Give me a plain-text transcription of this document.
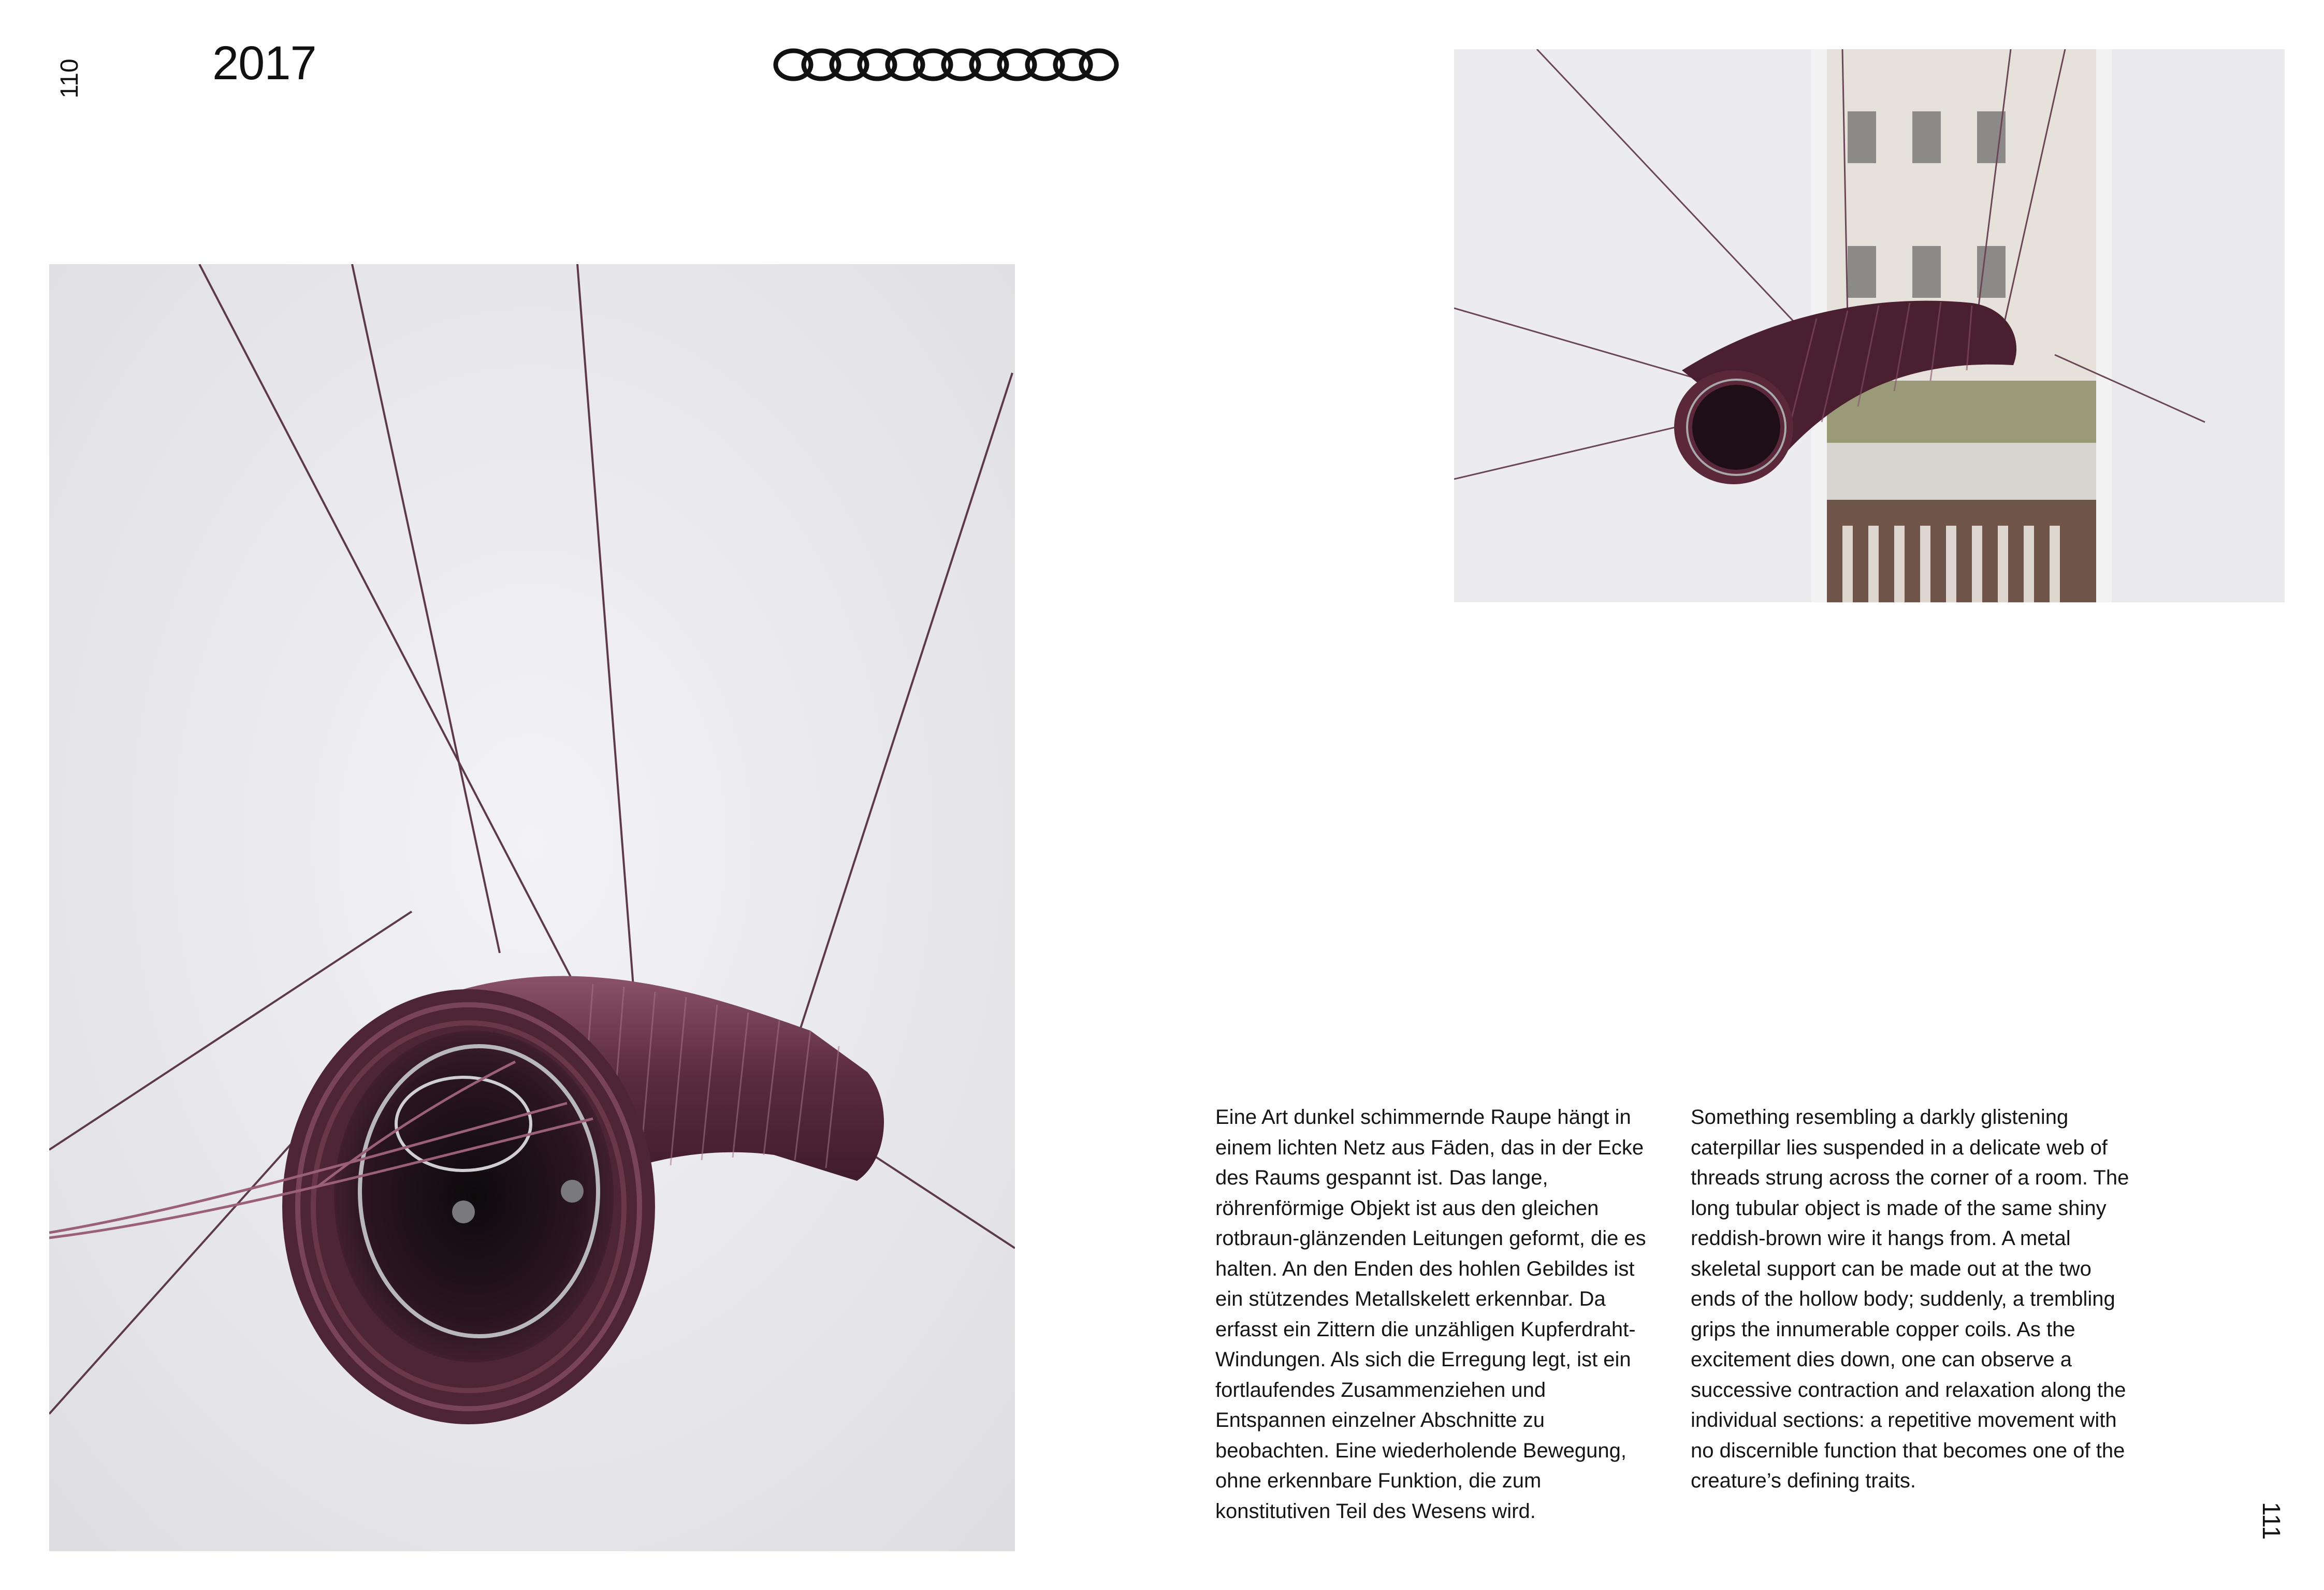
110	2017
Eine Art dunkel schimmernde Raupe hängt in einem lichten Netz aus Fäden, das in der Ecke des Raums gespannt ist. Das lange, röhrenförmige Objekt ist aus den gleichen rotbraun-glänzenden Leitungen geformt, die es halten. An den Enden des hohlen Gebildes ist ein stützendes Metallskelett erkennbar. Da erfasst ein Zittern die unzähligen Kupferdraht-Windungen. Als sich die Erregung legt, ist ein fortlaufendes Zusammenziehen und Entspannen einzelner Abschnitte zu beobachten. Eine wiederholende Bewegung, ohne erkennbare Funktion, die zum konstitutiven Teil des Wesens wird.
Something resembling a darkly glistening caterpillar lies suspended in a delicate web of threads strung across the corner of a room. The long tubular object is made of the same shiny reddish-brown wire it hangs from. A metal skeletal support can be made out at the two ends of the hollow body; suddenly, a trembling grips the innumerable copper coils. As the excitement dies down, one can observe a successive contraction and relaxation along the individual sections: a repetitive movement with no discernible function that becomes one of the creature’s defining traits.
111
